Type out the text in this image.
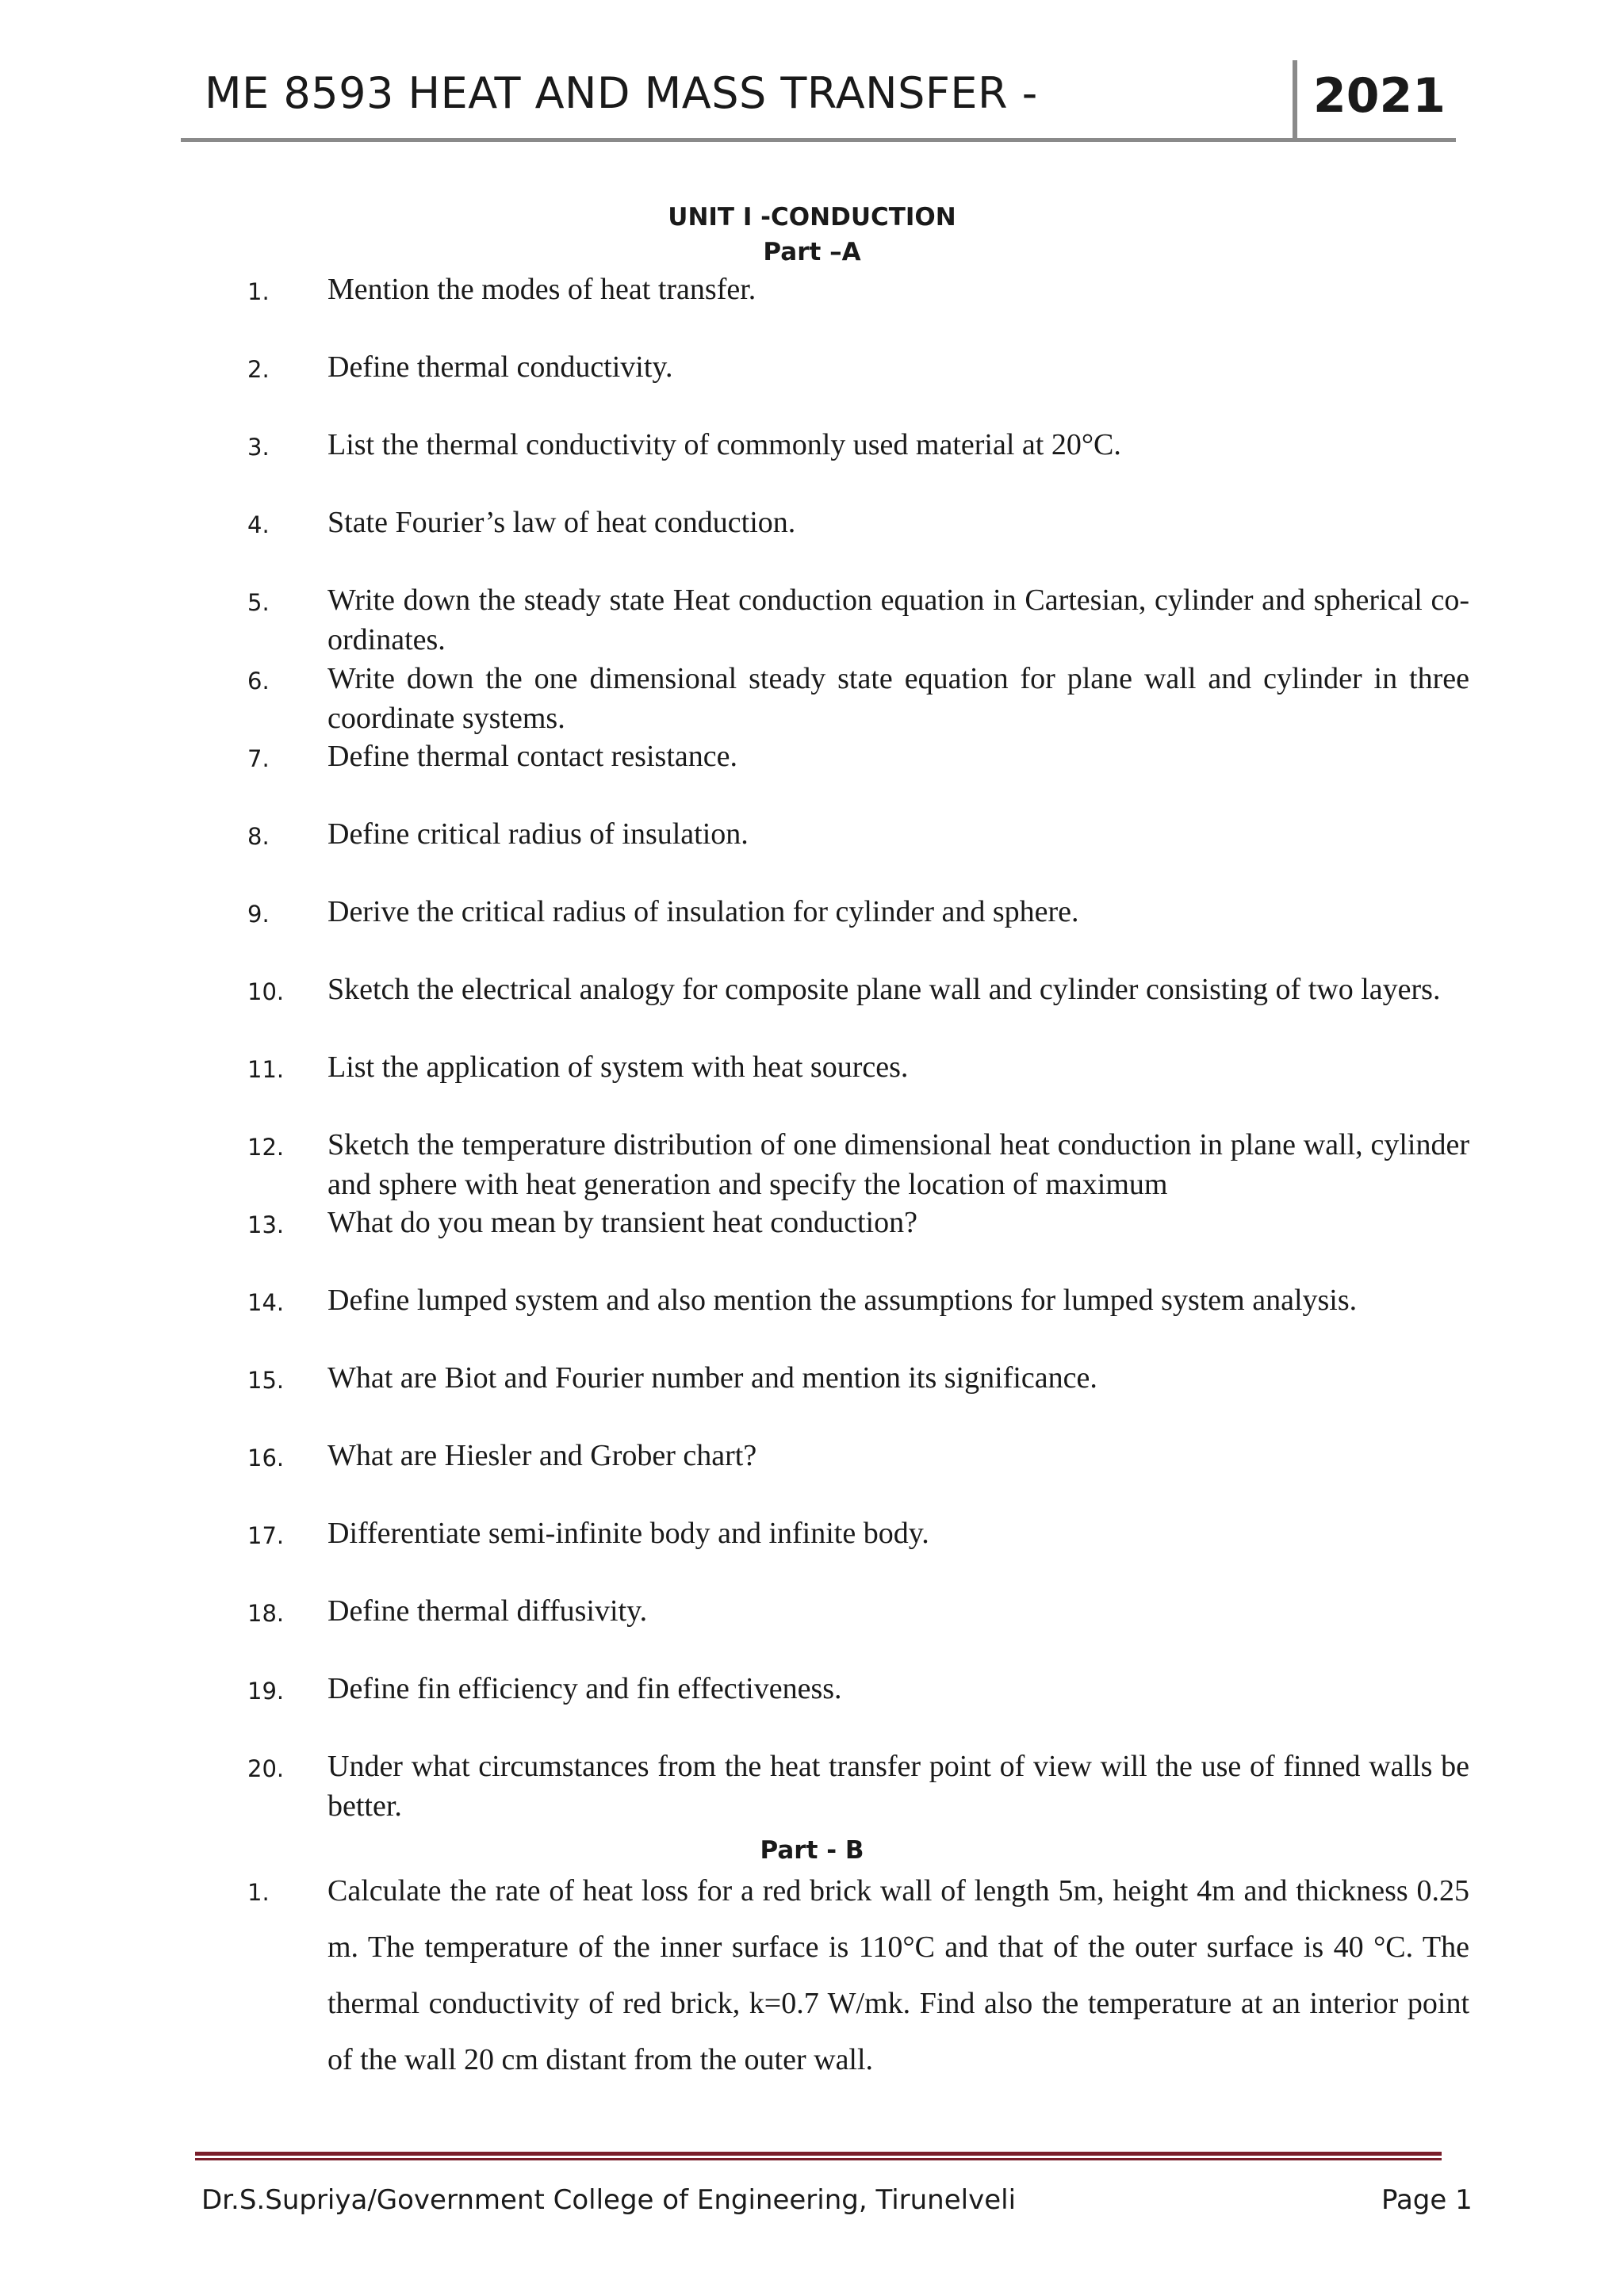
ME 8593 HEAT AND MASS TRANSFER -	2021
UNIT I -CONDUCTION
Part –A
1. Mention the modes of heat transfer.
2. Define thermal conductivity.
3. List the thermal conductivity of commonly used material at 20°C.
4. State Fourier’s law of heat conduction.
5. Write down the steady state Heat conduction equation in Cartesian, cylinder and spherical co-ordinates.
6. Write down the one dimensional steady state equation for plane wall and cylinder in three coordinate systems.
7. Define thermal contact resistance.
8. Define critical radius of insulation.
9. Derive the critical radius of insulation for cylinder and sphere.
10. Sketch the electrical analogy for composite plane wall and cylinder consisting of two layers.
11. List the application of system with heat sources.
12. Sketch the temperature distribution of one dimensional heat conduction in plane wall, cylinder and sphere with heat generation and specify the location of maximum
13. What do you mean by transient heat conduction?
14. Define lumped system and also mention the assumptions for lumped system analysis.
15. What are Biot and Fourier number and mention its significance.
16. What are Hiesler and Grober chart?
17. Differentiate semi-infinite body and infinite body.
18. Define thermal diffusivity.
19. Define fin efficiency and fin effectiveness.
20. Under what circumstances from the heat transfer point of view will the use of finned walls be better.
Part - B
1. Calculate the rate of heat loss for a red brick wall of length 5m, height 4m and thickness 0.25 m. The temperature of the inner surface is 110°C and that of the outer surface is 40 °C. The thermal conductivity of red brick, k=0.7 W/mk. Find also the temperature at an interior point of the wall 20 cm distant from the outer wall.
Dr.S.Supriya/Government College of Engineering, Tirunelveli	Page 1
